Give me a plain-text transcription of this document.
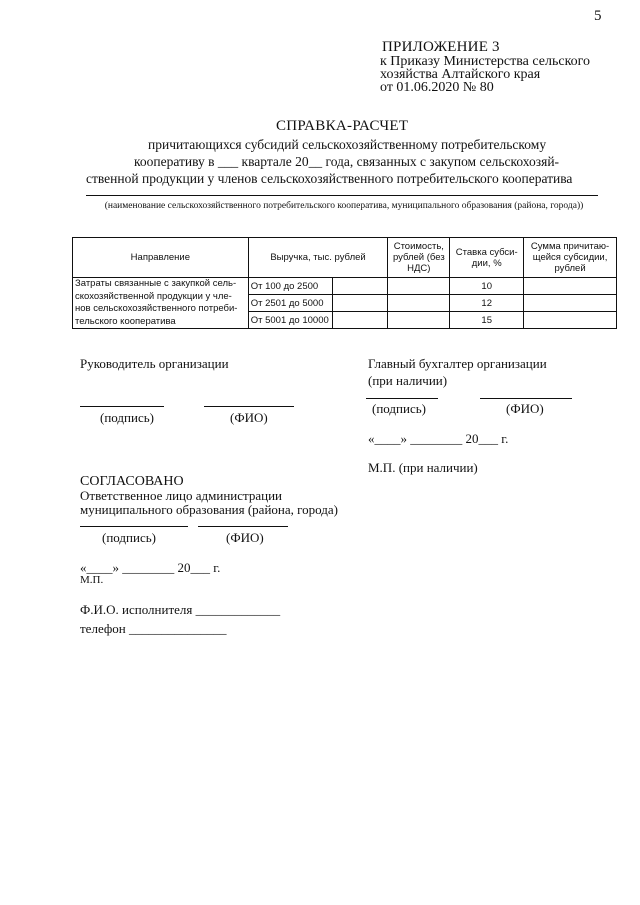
5
ПРИЛОЖЕНИЕ 3
к Приказу Министерства сельского
хозяйства Алтайского края
от 01.06.2020 № 80
СПРАВКА-РАСЧЕТ
причитающихся субсидий сельскохозяйственному потребительскому
кооперативу в ___ квартале 20__ года, связанных с закупом сельскохозяй-
ственной продукции у членов сельскохозяйственного потребительского кооператива
(наименование сельскохозяйственного потребительского кооператива, муниципального образования (района, города))
Направление	Выручка, тыс. рублей		Стоимость, рублей (без НДС)	Ставка субси- дии, %	Сумма причитаю- щейся субсидии, рублей

Затраты связанные с закупкой сель-
скохозяйственной продукции у чле-
нов сельскохозяйственного потреби-
тельского кооператива	От 100 до 2500			10	
	От 2501 до 5000			12	
	От 5001 до 10000			15	
Руководитель организации	Главный бухгалтер организации
(при наличии)
(подпись)	(ФИО)
(подпись)	(ФИО)
«____» ________ 20___ г.
М.П. (при наличии)
СОГЛАСОВАНО
Ответственное лицо администрации
муниципального образования (района, города)
(подпись)	(ФИО)
«____» ________ 20___ г.
М.П.
Ф.И.О. исполнителя _____________
телефон _______________
